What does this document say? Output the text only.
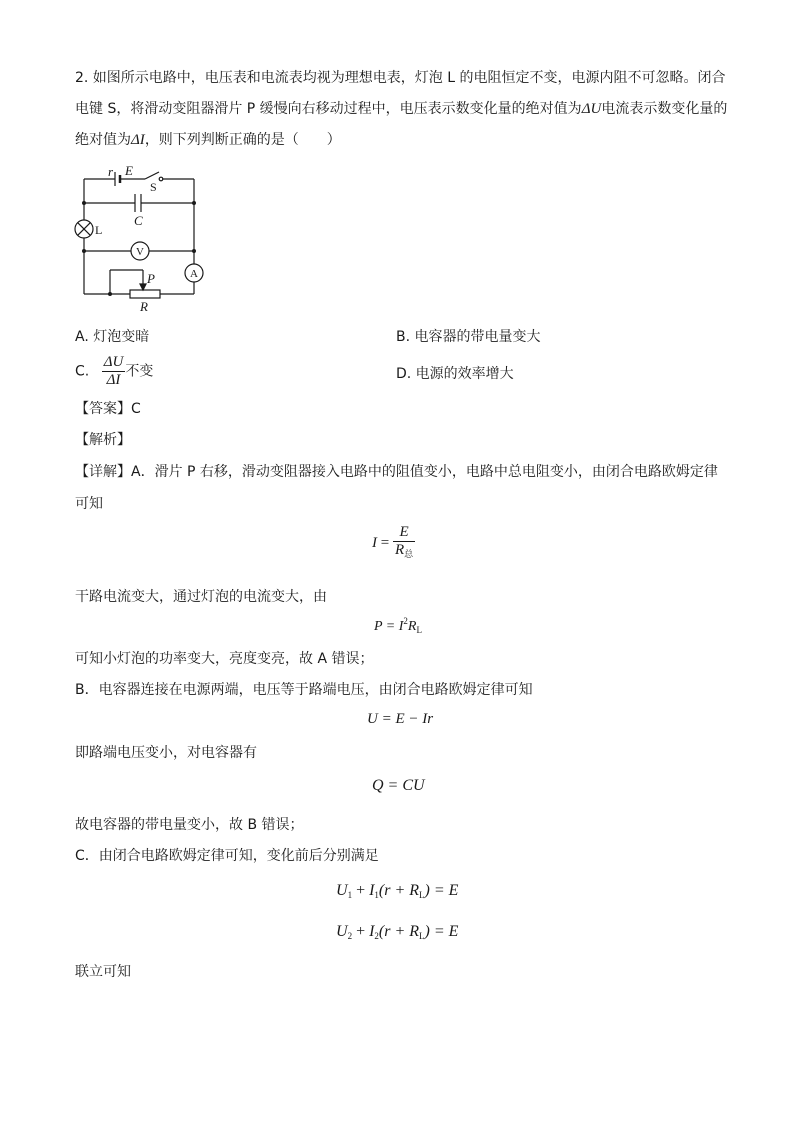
2. 如图所示电路中，电压表和电流表均视为理想电表，灯泡 L 的电阻恒定不变，电源内阻不可忽略。闭合
电键 S，将滑动变阻器滑片 P 缓慢向右移动过程中，电压表示数变化量的绝对值为ΔU电流表示数变化量的
绝对值为ΔI，则下列判断正确的是（　　）
r E
S
C
L
V
A
P
R
A. 灯泡变暗	B. 电容器的带电量变大
C. $\frac{\Delta U}{\Delta I}$ 不变	D. 电源的效率增大
【答案】C
【解析】
【详解】A．滑片 P 右移，滑动变阻器接入电路中的阻值变小，电路中总电阻变小，由闭合电路欧姆定律
可知
$I = \frac{E}{R_总}$
干路电流变大，通过灯泡的电流变大，由
$P = I^2R_L$
可知小灯泡的功率变大，亮度变亮，故 A 错误；
B．电容器连接在电源两端，电压等于路端电压，由闭合电路欧姆定律可知
U = E − Ir
即路端电压变小，对电容器有
Q = CU
故电容器的带电量变小，故 B 错误；
C．由闭合电路欧姆定律可知，变化前后分别满足
$U_1 + I_1(r + R_L) = E$
$U_2 + I_2(r + R_L) = E$
联立可知
